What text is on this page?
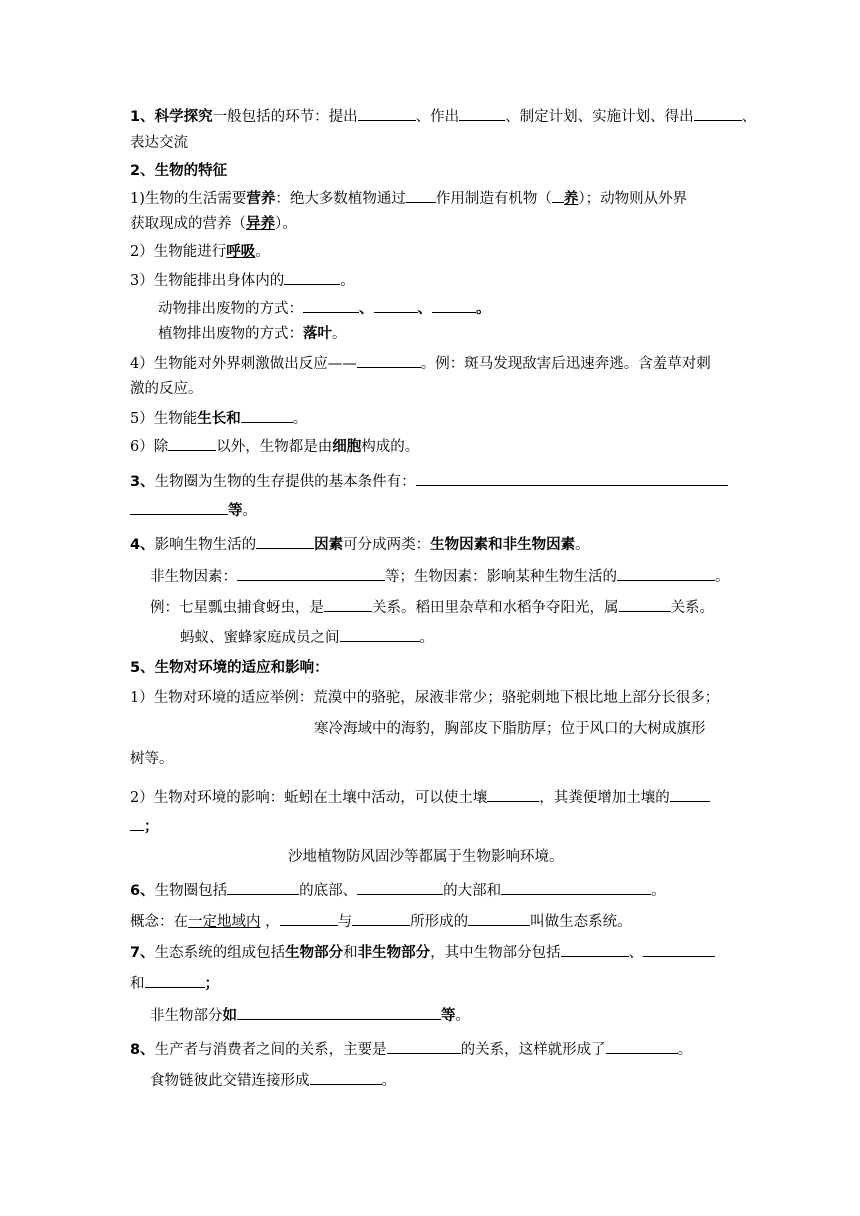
1、科学探究一般包括的环节：提出	、作出	、制定计划、实施计划、得出	、
表达交流
2、生物的特征
1)生物的生活需要营养：绝大多数植物通过 作用制造有机物（ 养）；动物则从外界
获取现成的营养（异养）。
2）生物能进行呼吸。
3）生物能排出身体内的	。
动物排出废物的方式：	、	、	。
植物排出废物的方式：落叶。
4）生物能对外界刺激做出反应——	。例：斑马发现敌害后迅速奔逃。含羞草对刺
激的反应。
5）生物能生长和	。
6）除	以外，生物都是由细胞构成的。
3、生物圈为生物的生存提供的基本条件有：
等。
4、影响生物生活的	因素可分成两类：生物因素和非生物因素。
非生物因素：	等；生物因素：影响某种生物生活的	。
例：七星瓢虫捕食蚜虫，是	关系。稻田里杂草和水稻争夺阳光，属	关系。
蚂蚁、蜜蜂家庭成员之间	。
5、生物对环境的适应和影响：
1）生物对环境的适应举例：荒漠中的骆驼，尿液非常少；骆驼刺地下根比地上部分长很多；
寒冷海域中的海豹，胸部皮下脂肪厚；位于风口的大树成旗形
树等。
2）生物对环境的影响：蚯蚓在土壤中活动，可以使土壤	，其粪便增加土壤的
；
沙地植物防风固沙等都属于生物影响环境。
6、生物圈包括	的底部、	的大部和	。
概念：在一定地域内 ，	与	所形成的	叫做生态系统。
7、生态系统的组成包括生物部分和非生物部分，其中生物部分包括	、
和	；
非生物部分如	等。
8、生产者与消费者之间的关系，主要是	的关系，这样就形成了	。
食物链彼此交错连接形成	。
